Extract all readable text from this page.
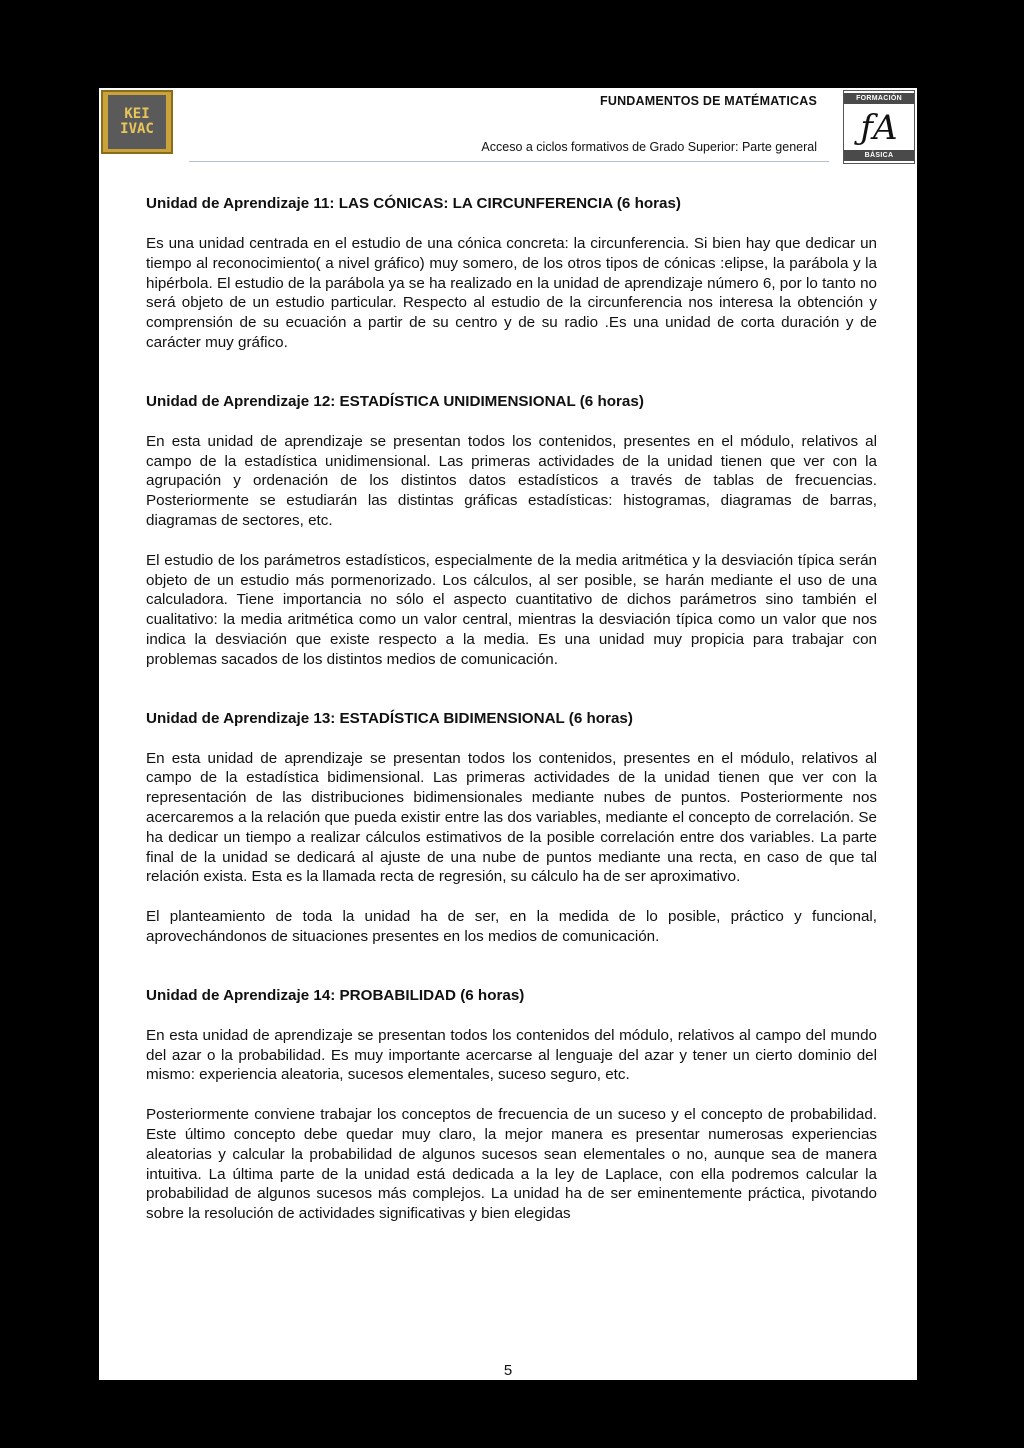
KEI
IVAC
FUNDAMENTOS DE MATÉMATICAS
Acceso a ciclos formativos de Grado Superior: Parte general
FORMACIÓN
ƒA
BÁSICA
Unidad de Aprendizaje 11: LAS CÓNICAS: LA CIRCUNFERENCIA (6 horas)

Es una unidad centrada en el estudio de una cónica concreta: la circunferencia. Si bien hay que dedicar un tiempo al reconocimiento( a nivel gráfico) muy somero, de los otros tipos de cónicas :elipse, la parábola y la hipérbola. El estudio de la parábola ya se ha realizado en la unidad de aprendizaje número 6, por lo tanto no será objeto de un estudio particular. Respecto al estudio de la circunferencia nos interesa la obtención y comprensión de su ecuación a partir de su centro y de su radio .Es una unidad de corta duración y de carácter muy gráfico.

Unidad de Aprendizaje 12: ESTADÍSTICA UNIDIMENSIONAL (6 horas)

En esta unidad de aprendizaje se presentan todos los contenidos, presentes en el módulo, relativos al campo de la estadística unidimensional. Las primeras actividades de la unidad tienen que ver con la agrupación y ordenación de los distintos datos estadísticos a través de tablas de frecuencias. Posteriormente se estudiarán las distintas gráficas estadísticas: histogramas, diagramas de barras, diagramas de sectores, etc.

El estudio de los parámetros estadísticos, especialmente de la media aritmética y la desviación típica serán objeto de un estudio más pormenorizado. Los cálculos, al ser posible, se harán mediante el uso de una calculadora. Tiene importancia no sólo el aspecto cuantitativo de dichos parámetros sino también el cualitativo: la media aritmética como un valor central, mientras la desviación típica como un valor que nos indica la desviación que existe respecto a la media. Es una unidad muy propicia para trabajar con problemas sacados de los distintos medios de comunicación.

Unidad de Aprendizaje 13: ESTADÍSTICA BIDIMENSIONAL (6 horas)

En esta unidad de aprendizaje se presentan todos los contenidos, presentes en el módulo, relativos al campo de la estadística bidimensional. Las primeras actividades de la unidad tienen que ver con la representación de las distribuciones bidimensionales mediante nubes de puntos. Posteriormente nos acercaremos a la relación que pueda existir entre las dos variables, mediante el concepto de correlación. Se ha dedicar un tiempo a realizar cálculos estimativos de la posible correlación entre dos variables. La parte final de la unidad se dedicará al ajuste de una nube de puntos mediante una recta, en caso de que tal relación exista. Esta es la llamada recta de regresión, su cálculo ha de ser aproximativo.

El planteamiento de toda la unidad ha de ser, en la medida de lo posible, práctico y funcional, aprovechándonos de situaciones presentes en los medios de comunicación.

Unidad de Aprendizaje 14: PROBABILIDAD (6 horas)

En esta unidad de aprendizaje se presentan todos los contenidos del módulo, relativos al campo del mundo del azar o la probabilidad. Es muy importante acercarse al lenguaje del azar y tener un cierto dominio del mismo: experiencia aleatoria, sucesos elementales, suceso seguro, etc.

Posteriormente conviene trabajar los conceptos de frecuencia de un suceso y el concepto de probabilidad. Este último concepto debe quedar muy claro, la mejor manera es presentar numerosas experiencias aleatorias y calcular la probabilidad de algunos sucesos sean elementales o no, aunque sea de manera intuitiva. La última parte de la unidad está dedicada a la ley de Laplace, con ella podremos calcular la probabilidad de algunos sucesos más complejos. La unidad ha de ser eminentemente práctica, pivotando sobre la resolución de actividades significativas y bien elegidas

5
